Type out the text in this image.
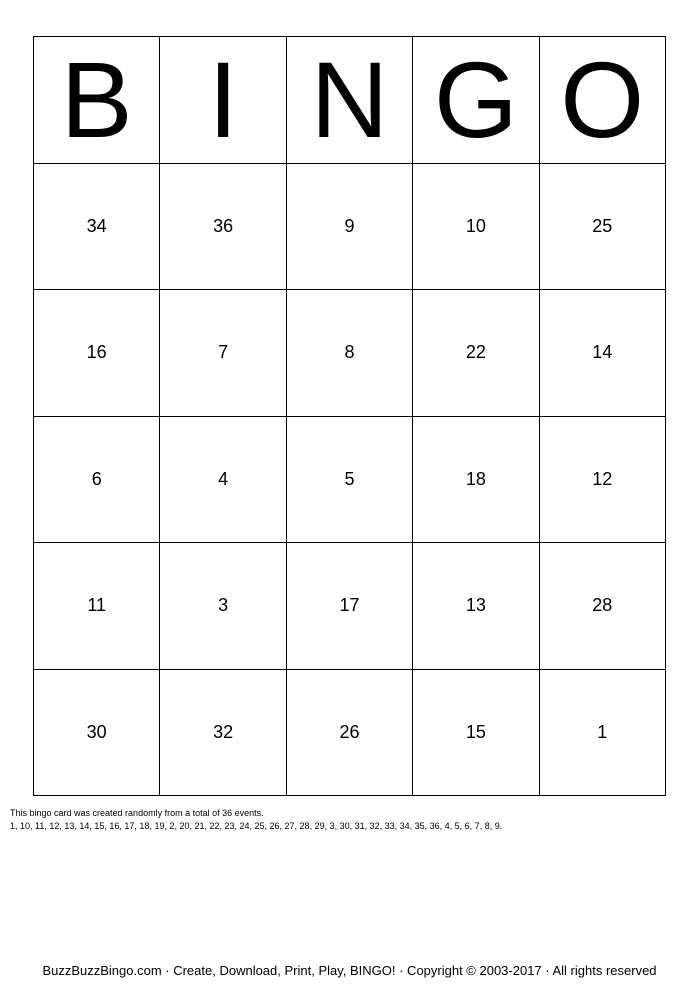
B I N G O
34	36	9	10	25
16	7	8	22	14
6	4	5	18	12
11	3	17	13	28
30	32	26	15	1
This bingo card was created randomly from a total of 36 events.
1, 10, 11, 12, 13, 14, 15, 16, 17, 18, 19, 2, 20, 21, 22, 23, 24, 25, 26, 27, 28, 29, 3, 30, 31, 32, 33, 34, 35, 36, 4, 5, 6, 7, 8, 9.
BuzzBuzzBingo.com · Create, Download, Print, Play, BINGO! · Copyright © 2003-2017 · All rights reserved
